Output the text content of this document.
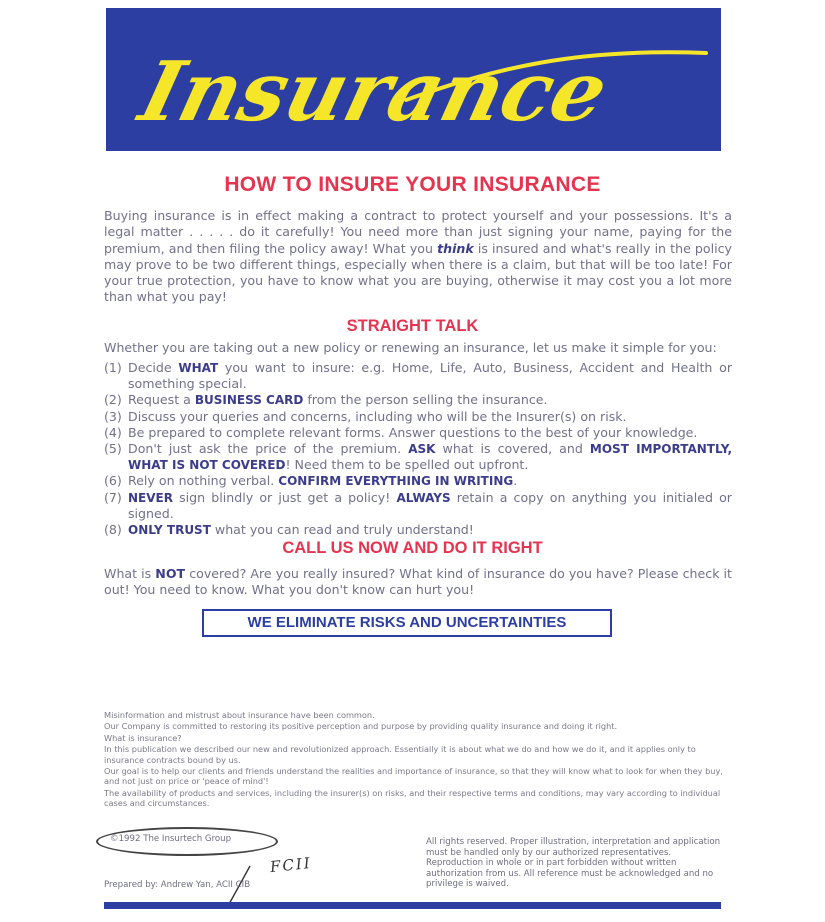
Insurance
HOW TO INSURE YOUR INSURANCE
Buying insurance is in effect making a contract to protect yourself and your possessions. It's a legal matter . . . . . do it carefully! You need more than just signing your name, paying for the premium, and then filing the policy away! What you think is insured and what's really in the policy may prove to be two different things, especially when there is a claim, but that will be too late! For your true protection, you have to know what you are buying, otherwise it may cost you a lot more than what you pay!
STRAIGHT TALK
Whether you are taking out a new policy or renewing an insurance, let us make it simple for you:
(1) Decide WHAT you want to insure: e.g. Home, Life, Auto, Business, Accident and Health or something special.
(2) Request a BUSINESS CARD from the person selling the insurance.
(3) Discuss your queries and concerns, including who will be the Insurer(s) on risk.
(4) Be prepared to complete relevant forms. Answer questions to the best of your knowledge.
(5) Don't just ask the price of the premium. ASK what is covered, and MOST IMPORTANTLY, WHAT IS NOT COVERED! Need them to be spelled out upfront.
(6) Rely on nothing verbal. CONFIRM EVERYTHING IN WRITING.
(7) NEVER sign blindly or just get a policy! ALWAYS retain a copy on anything you initialed or signed.
(8) ONLY TRUST what you can read and truly understand!
CALL US NOW AND DO IT RIGHT
What is NOT covered? Are you really insured? What kind of insurance do you have? Please check it out! You need to know. What you don't know can hurt you!
WE ELIMINATE RISKS AND UNCERTAINTIES

Misinformation and mistrust about insurance have been common.

Our Company is committed to restoring its positive perception and purpose by providing quality insurance and doing it right.

What is insurance?

In this publication we described our new and revolutionized approach. Essentially it is about what we do and how we do it, and it applies only to insurance contracts bound by us.

Our goal is to help our clients and friends understand the realities and importance of insurance, so that they will know what to look for when they buy, and not just on price or 'peace of mind'!

The availability of products and services, including the insurer(s) on risks, and their respective terms and conditions, may vary according to individual cases and circumstances.

©1992 The Insurtech Group
FCII
Prepared by: Andrew Yan, ACII CIB
All rights reserved. Proper illustration, interpretation and application must be handled only by our authorized representatives. Reproduction in whole or in part forbidden without written authorization from us. All reference must be acknowledged and no privilege is waived.
